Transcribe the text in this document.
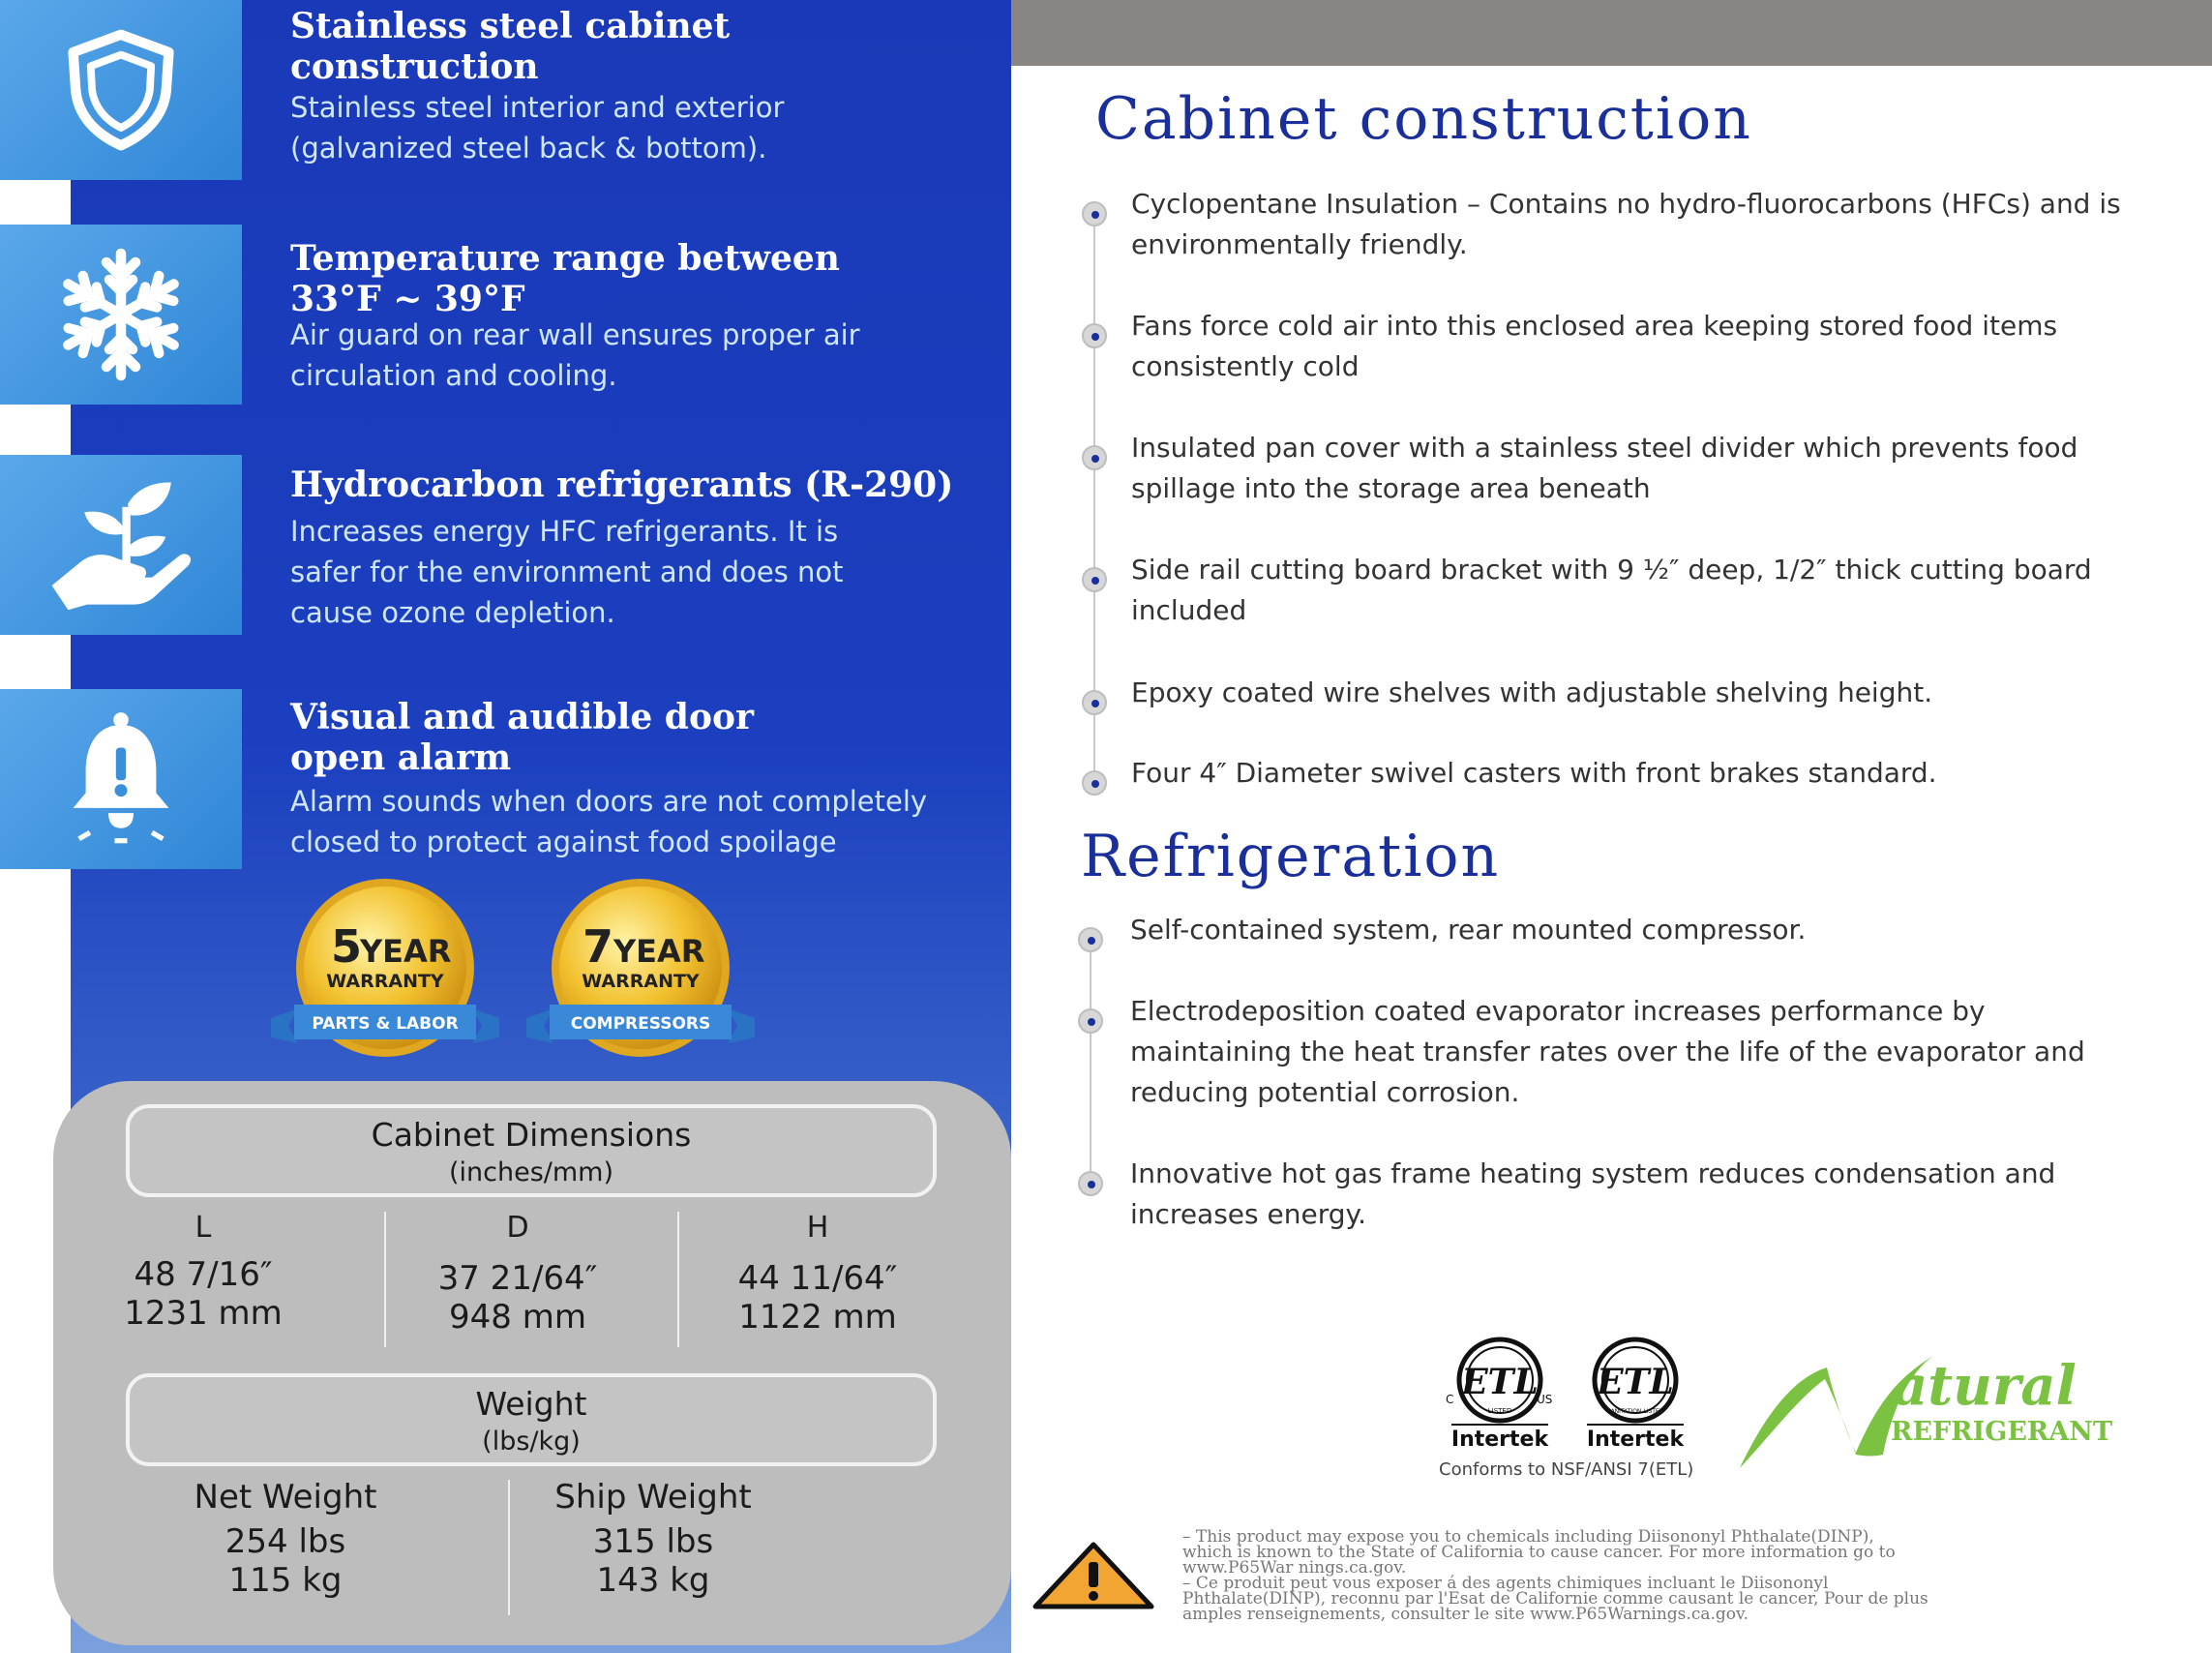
Stainless steel cabinet
construction
Stainless steel interior and exterior
(galvanized steel back & bottom).
Temperature range between
33°F ~ 39°F
Air guard on rear wall ensures proper air
circulation and cooling.
Hydrocarbon refrigerants (R-290)
Increases energy HFC refrigerants. It is
safer for the environment and does not
cause ozone depletion.
Visual and audible door
open alarm
Alarm sounds when doors are not completely
closed to protect against food spoilage
5
YEAR
WARRANTY
PARTS & LABOR
7 YEAR
WARRANTY
COMPRESSORS
Cabinet Dimensions
(inches/mm)
L
48 7/16″
1231 mm
D
37 21/64″
948 mm
H
44 11/64″
1122 mm
Weight
(lbs/kg)
Net Weight
254 lbs
115 kg
Ship Weight
315 lbs
143 kg
Cabinet construction
Cyclopentane Insulation – Contains no hydro-fluorocarbons (HFCs) and is
environmentally friendly.
Fans force cold air into this enclosed area keeping stored food items
consistently cold
Insulated pan cover with a stainless steel divider which prevents food
spillage into the storage area beneath
Side rail cutting board bracket with 9 ½″ deep, 1/2″ thick cutting board
included
Epoxy coated wire shelves with adjustable shelving height.
Four 4″ Diameter swivel casters with front brakes standard.
Refrigeration
Self-contained system, rear mounted compressor.
Electrodeposition coated evaporator increases performance by
maintaining the heat transfer rates over the life of the evaporator and
reducing potential corrosion.
Innovative hot gas frame heating system reduces condensation and
increases energy.
ETL
C	US
LISTED
Intertek
ETL
SANITATION LISTED
Intertek
Conforms to NSF/ANSI 7(ETL)
atural
REFRIGERANT
– This product may expose you to chemicals including Diisononyl Phthalate(DINP),
which is known to the State of California to cause cancer. For more information go to
www.P65War nings.ca.gov.
– Ce produit peut vous exposer á des agents chimiques incluant le Diisononyl
Phthalate(DINP), reconnu par l'Esat de Californie comme causant le cancer, Pour de plus
amples renseignements, consulter le site www.P65Warnings.ca.gov.
